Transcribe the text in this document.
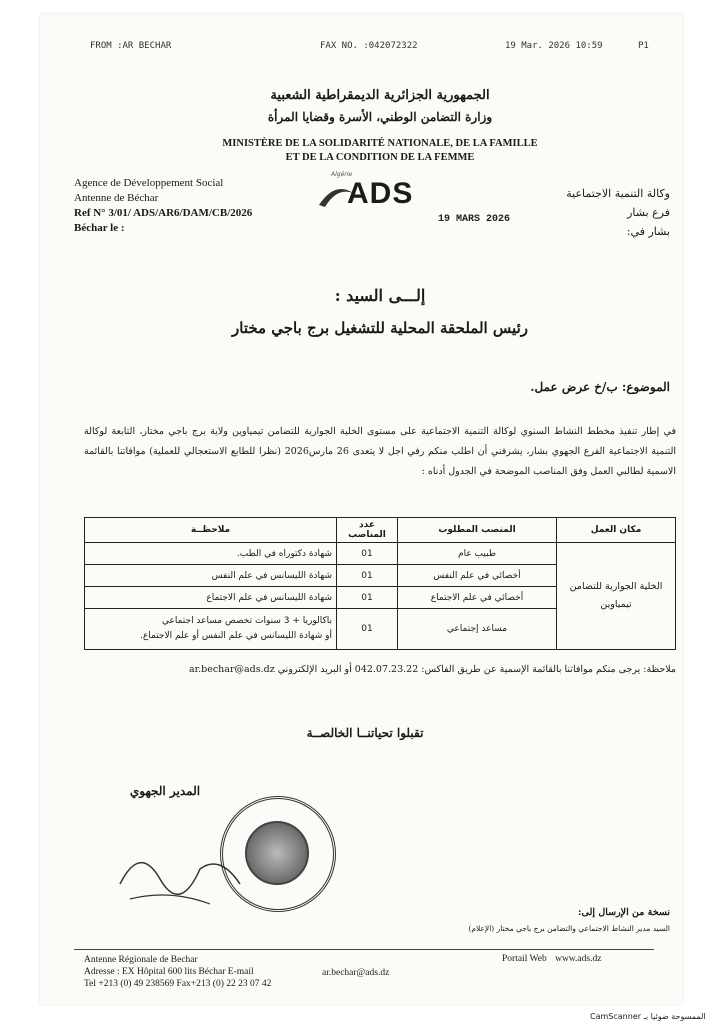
FROM :AR BECHAR	FAX NO. :042072322	19 Mar. 2026 10:59	P1
الجمهورية الجزائرية الديمقراطية الشعبية
وزارة التضامن الوطني، الأسرة وقضايا المرأة
MINISTÈRE DE LA SOLIDARITÉ NATIONALE, DE LA FAMILLE
ET DE LA CONDITION DE LA FEMME
ADS
Algérie
Agence de Développement Social
Antenne de Béchar
Ref N° 3/01/ ADS/AR6/DAM/CB/2026
Béchar le :
وكالة التنمية الاجتماعية
فرع بشار
بشار في:
19 MARS 2026
إلـــى السيد :
رئيس الملحقة المحلية للتشغيل برج باجي مختار
الموضوع: ب/خ عرض عمل.
في إطار تنفيذ مخطط النشاط السنوي لوكالة التنمية الاجتماعية على مستوى الخلية الجوارية للتضامن تيمياوين ولاية برج باجي مختار، التابعة لوكالة التنمية الاجتماعية الفرع الجهوي بشار، يشرفني أن اطلب منكم رفي اجل لا يتعدى 26 مارس2026 (نظرا للطابع الاستعجالي للعملية) موافاتنا بالقائمة الاسمية لطالبي العمل وفق المناصب الموضحة في الجدول أدناه :
مكان العمل	المنصب المطلوب	عدد المناصب	ملاحظــة
الخلية الجوارية للتضامن تيمياوين	طبيب عام	01	شهادة دكتوراه في الطب.
	أخصائي في علم النفس	01	شهادة الليسانس في علم النفس
	أخصائي في علم الاجتماع	01	شهادة الليسانس في علم الاجتماع
	مساعد إجتماعي	01	باكالوريا + 3 سنوات تخصص مساعد اجتماعي
أو شهادة الليسانس في علم النفس أو علم الاجتماع.
ملاحظة: يرجى منكم موافاتنا بالقائمة الإسمية عن طريق الفاكس: 042.07.23.22 أو البريد الإلكتروني ar.bechar@ads.dz
تقبلوا تحياتنــا الخالصــة
المدير الجهوي
نسخة من الإرسال إلى:
السيد مدير النشاط الاجتماعي والتضامن برج باجي مختار (الإعلام)
Antenne Régionale de Bechar
Adresse : EX Hôpital 600 lits Béchar E-mail
Tel +213 (0) 49 238569 Fax+213 (0) 22 23 07 42
ar.bechar@ads.dz
Portail Web www.ads.dz
الممسوحة ضوئيا بـ CamScanner
